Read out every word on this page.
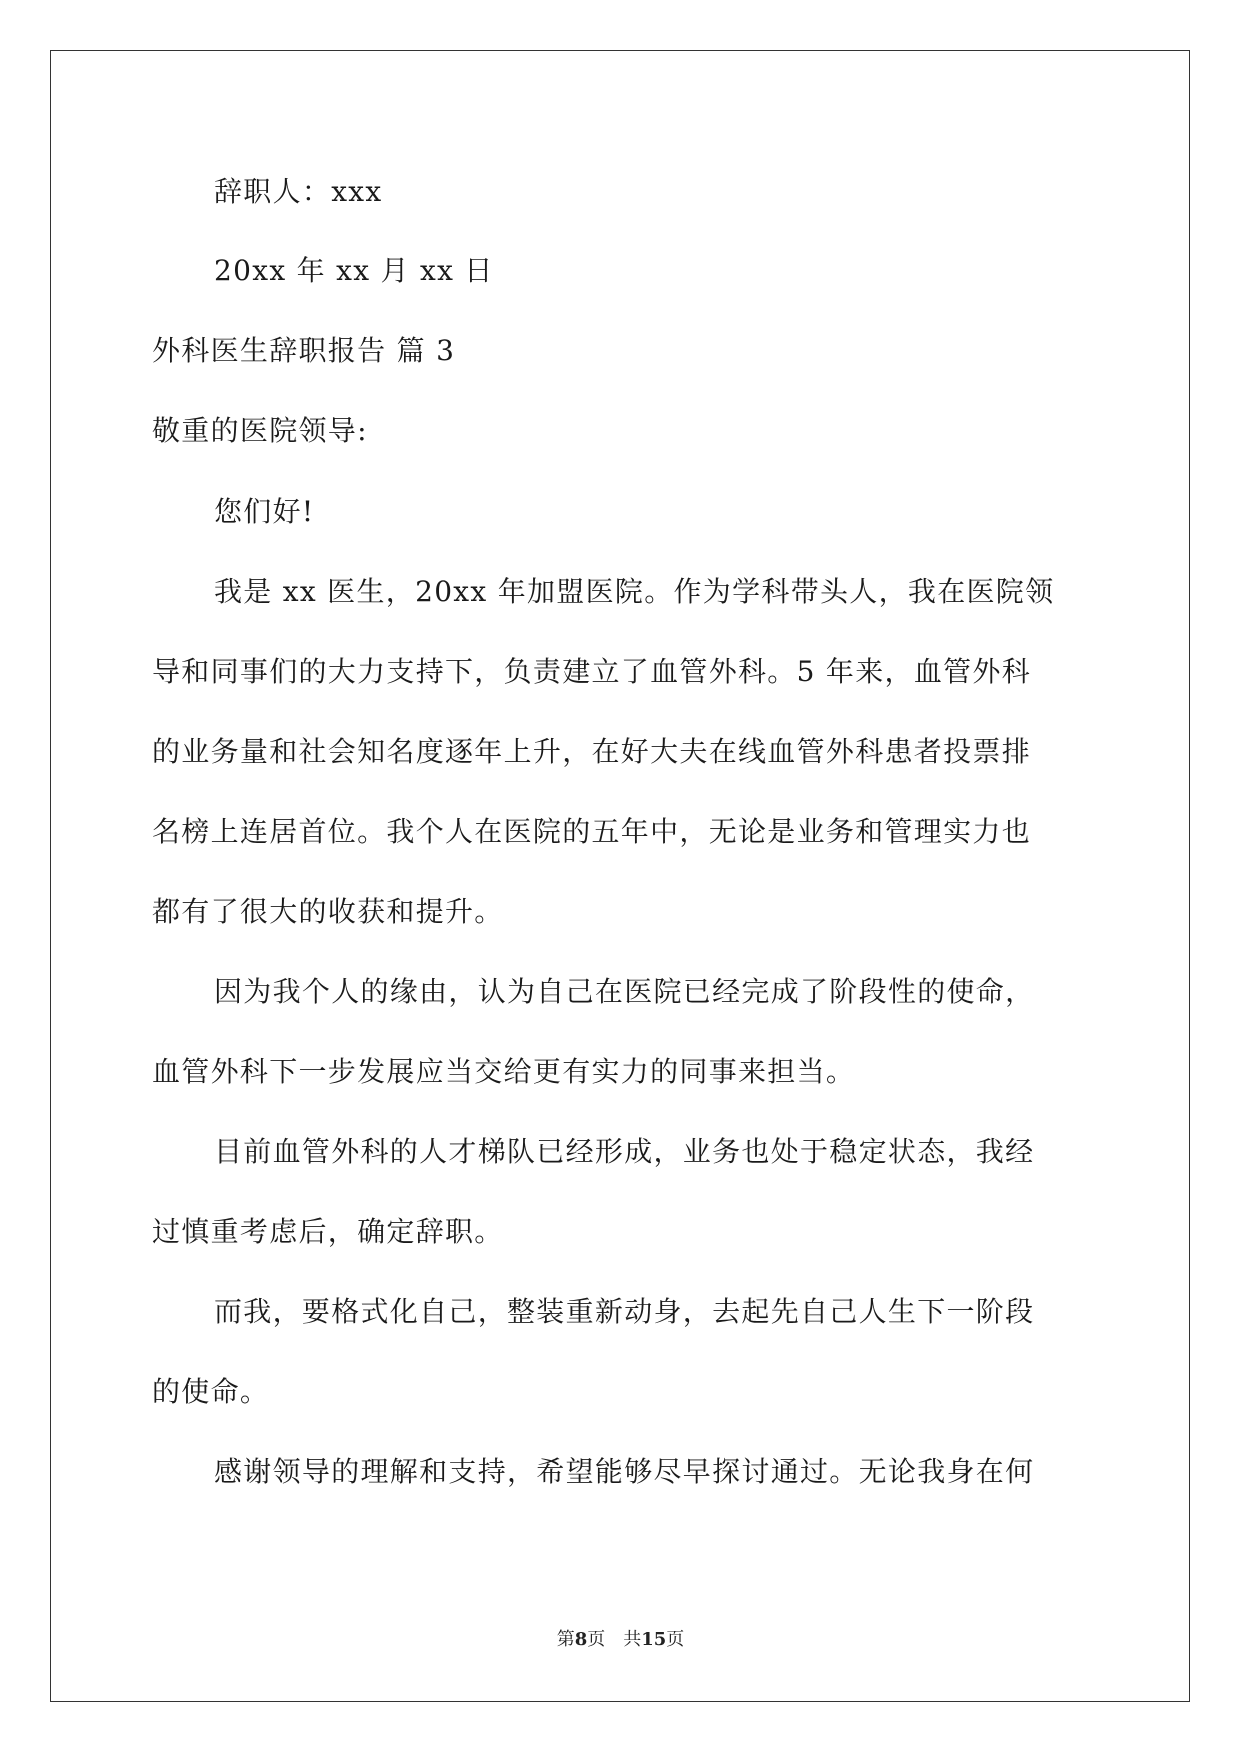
辞职人：xxx
20xx 年 xx 月 xx 日
外科医生辞职报告 篇 3
敬重的医院领导:
您们好!
我是 xx 医生，20xx 年加盟医院。作为学科带头人，我在医院领
导和同事们的大力支持下，负责建立了血管外科。5 年来，血管外科
的业务量和社会知名度逐年上升，在好大夫在线血管外科患者投票排
名榜上连居首位。我个人在医院的五年中，无论是业务和管理实力也
都有了很大的收获和提升。
因为我个人的缘由，认为自己在医院已经完成了阶段性的使命，
血管外科下一步发展应当交给更有实力的同事来担当。
目前血管外科的人才梯队已经形成，业务也处于稳定状态，我经
过慎重考虑后，确定辞职。
而我，要格式化自己，整装重新动身，去起先自己人生下一阶段
的使命。
感谢领导的理解和支持，希望能够尽早探讨通过。无论我身在何
第8页　共15页
